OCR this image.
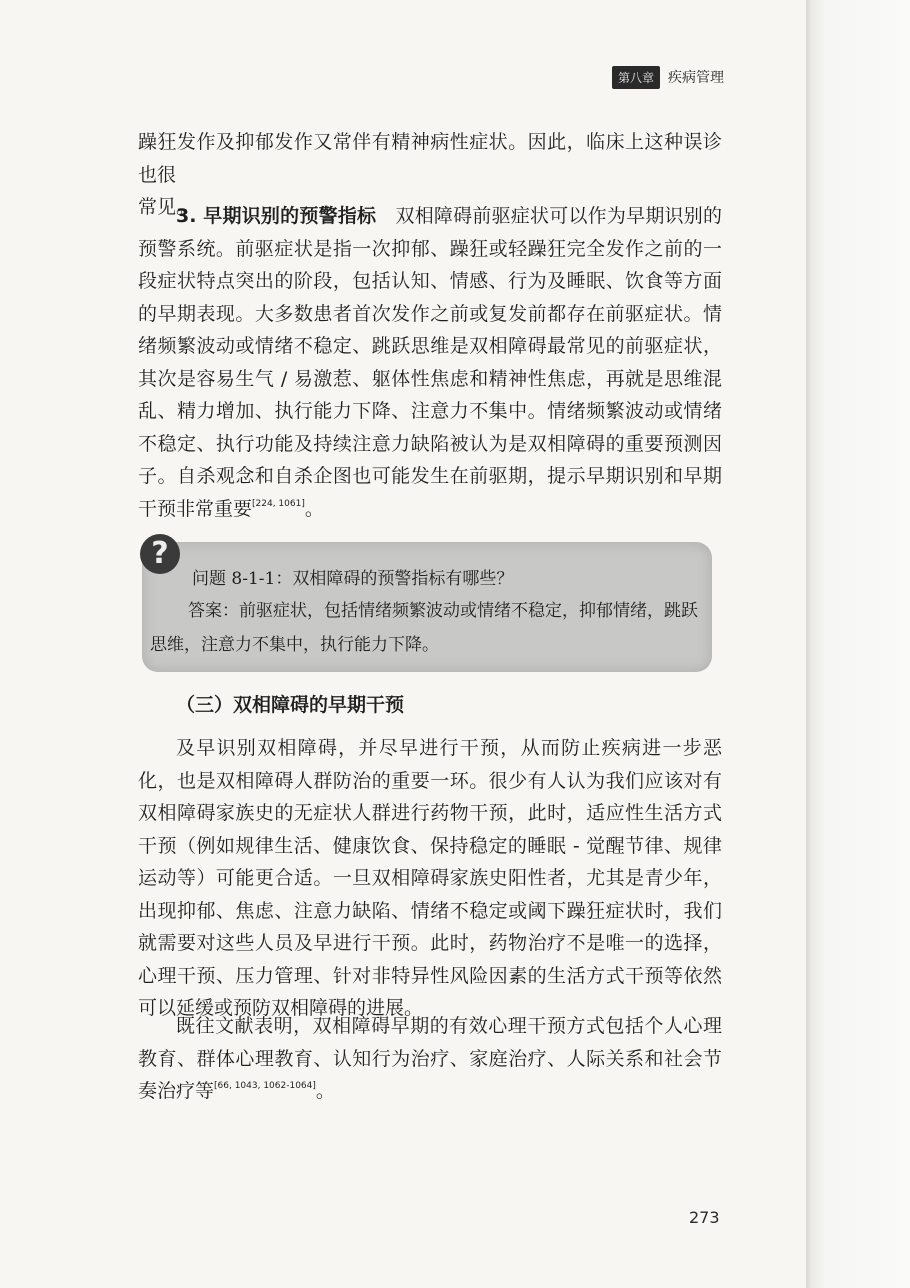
第八章	疾病管理

躁狂发作及抑郁发作又常伴有精神病性症状。因此，临床上这种误诊也很
常见。

3. 早期识别的预警指标　双相障碍前驱症状可以作为早期识别的预警系统。前驱症状是指一次抑郁、躁狂或轻躁狂完全发作之前的一段症状特点突出的阶段，包括认知、情感、行为及睡眠、饮食等方面的早期表现。大多数患者首次发作之前或复发前都存在前驱症状。情绪频繁波动或情绪不稳定、跳跃思维是双相障碍最常见的前驱症状，其次是容易生气 / 易激惹、躯体性焦虑和精神性焦虑，再就是思维混乱、精力增加、执行能力下降、注意力不集中。情绪频繁波动或情绪不稳定、执行功能及持续注意力缺陷被认为是双相障碍的重要预测因子。自杀观念和自杀企图也可能发生在前驱期，提示早期识别和早期干预非常重要[224, 1061]。

?
问题 8-1-1：双相障碍的预警指标有哪些？
答案：前驱症状，包括情绪频繁波动或情绪不稳定，抑郁情绪，跳跃思维，注意力不集中，执行能力下降。
（三）双相障碍的早期干预

及早识别双相障碍，并尽早进行干预，从而防止疾病进一步恶化，也是双相障碍人群防治的重要一环。很少有人认为我们应该对有双相障碍家族史的无症状人群进行药物干预，此时，适应性生活方式干预（例如规律生活、健康饮食、保持稳定的睡眠 - 觉醒节律、规律运动等）可能更合适。一旦双相障碍家族史阳性者，尤其是青少年，出现抑郁、焦虑、注意力缺陷、情绪不稳定或阈下躁狂症状时，我们就需要对这些人员及早进行干预。此时，药物治疗不是唯一的选择，心理干预、压力管理、针对非特异性风险因素的生活方式干预等依然可以延缓或预防双相障碍的进展。

既往文献表明，双相障碍早期的有效心理干预方式包括个人心理教育、群体心理教育、认知行为治疗、家庭治疗、人际关系和社会节奏治疗等[66, 1043, 1062-1064]。

273
